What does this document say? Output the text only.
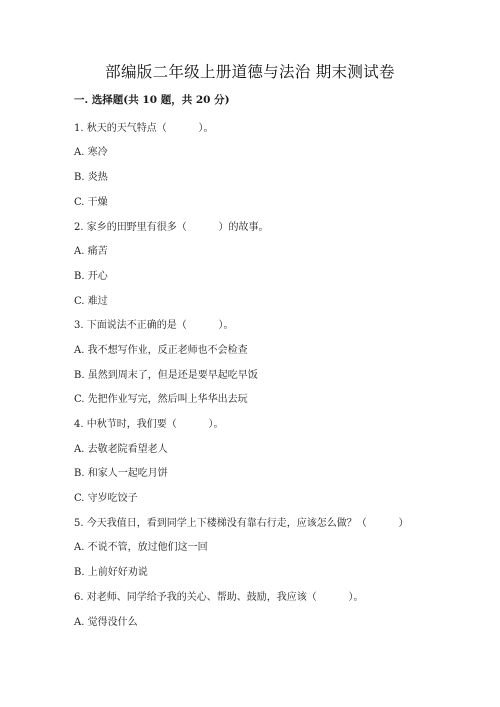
部编版二年级上册道德与法治 期末测试卷
一. 选择题(共 10 题，共 20 分)
1. 秋天的天气特点（          ）。
A. 寒冷
B. 炎热
C. 干燥
2. 家乡的田野里有很多（          ）的故事。
A. 痛苦
B. 开心
C. 难过
3. 下面说法不正确的是（          ）。
A. 我不想写作业，反正老师也不会检查
B. 虽然到周末了，但是还是要早起吃早饭
C. 先把作业写完，然后叫上华华出去玩
4. 中秋节时，我们要（          ）。
A. 去敬老院看望老人
B. 和家人一起吃月饼
C. 守岁吃饺子
5. 今天我值日，看到同学上下楼梯没有靠右行走，应该怎么做？（          ）
A. 不说不管，放过他们这一回
B. 上前好好劝说
6. 对老师、同学给予我的关心、帮助、鼓励，我应该（          ）。
A. 觉得没什么
